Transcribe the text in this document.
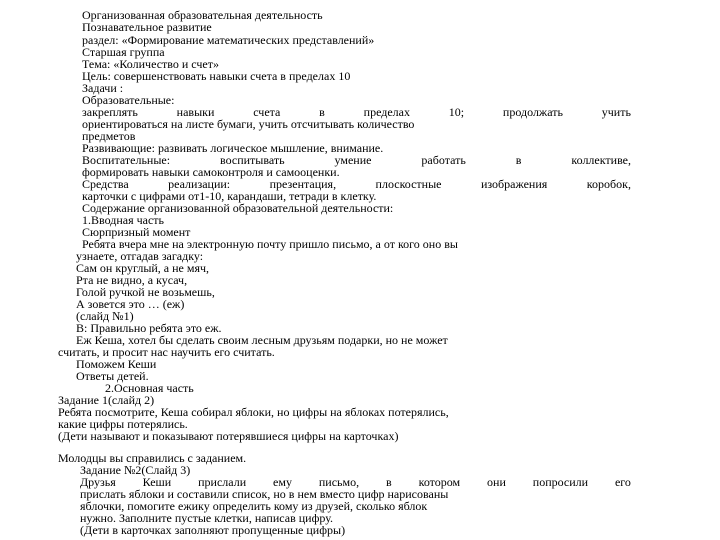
Организованная образовательная деятельность
Познавательное развитие
раздел: «Формирование математических представлений»
Старшая группа
Тема: «Количество и счет»
Цель: совершенствовать навыки счета в пределах 10
Задачи :
Образовательные:
закреплять	навыки	счета	в	пределах	10;	продолжать	учить
ориентироваться на листе бумаги, учить отсчитывать количество
предметов
Развивающие: развивать логическое мышление, внимание.
Воспитательные:	воспитывать	умение	работать	в	коллективе,
формировать навыки самоконтроля и самооценки.
Средства	реализации:	презентация,	плоскостные	изображения	коробок,
карточки с цифрами от1-10, карандаши, тетради в клетку.
Содержание организованной образовательной деятельности:
1.Вводная часть
Сюрпризный момент
Ребята вчера мне на электронную почту пришло письмо, а от кого оно вы
узнаете, отгадав загадку:
Сам он круглый, а не мяч,
Рта не видно, а кусач,
Голой ручкой не возьмешь,
А зовется это … (еж)
(слайд №1)
В: Правильно ребята это еж.
Еж Кеша, хотел бы сделать своим лесным друзьям подарки, но не может
считать, и просит нас научить его считать.
Поможем Кеши
Ответы детей.
2.Основная часть
Задание 1(слайд 2)
Ребята посмотрите, Кеша собирал яблоки, но цифры на яблоках потерялись,
какие цифры потерялись.
(Дети называют и показывают потерявшиеся цифры на карточках)
Молодцы вы справились с заданием.
Задание №2(Слайд 3)
Друзья Кеши прислали ему письмо, в котором они попросили его
прислать яблоки и составили список, но в нем вместо цифр нарисованы
яблочки, помогите ежику определить кому из друзей, сколько яблок
нужно. Заполните пустые клетки, написав цифру.
(Дети в карточках заполняют пропущенные цифры)
